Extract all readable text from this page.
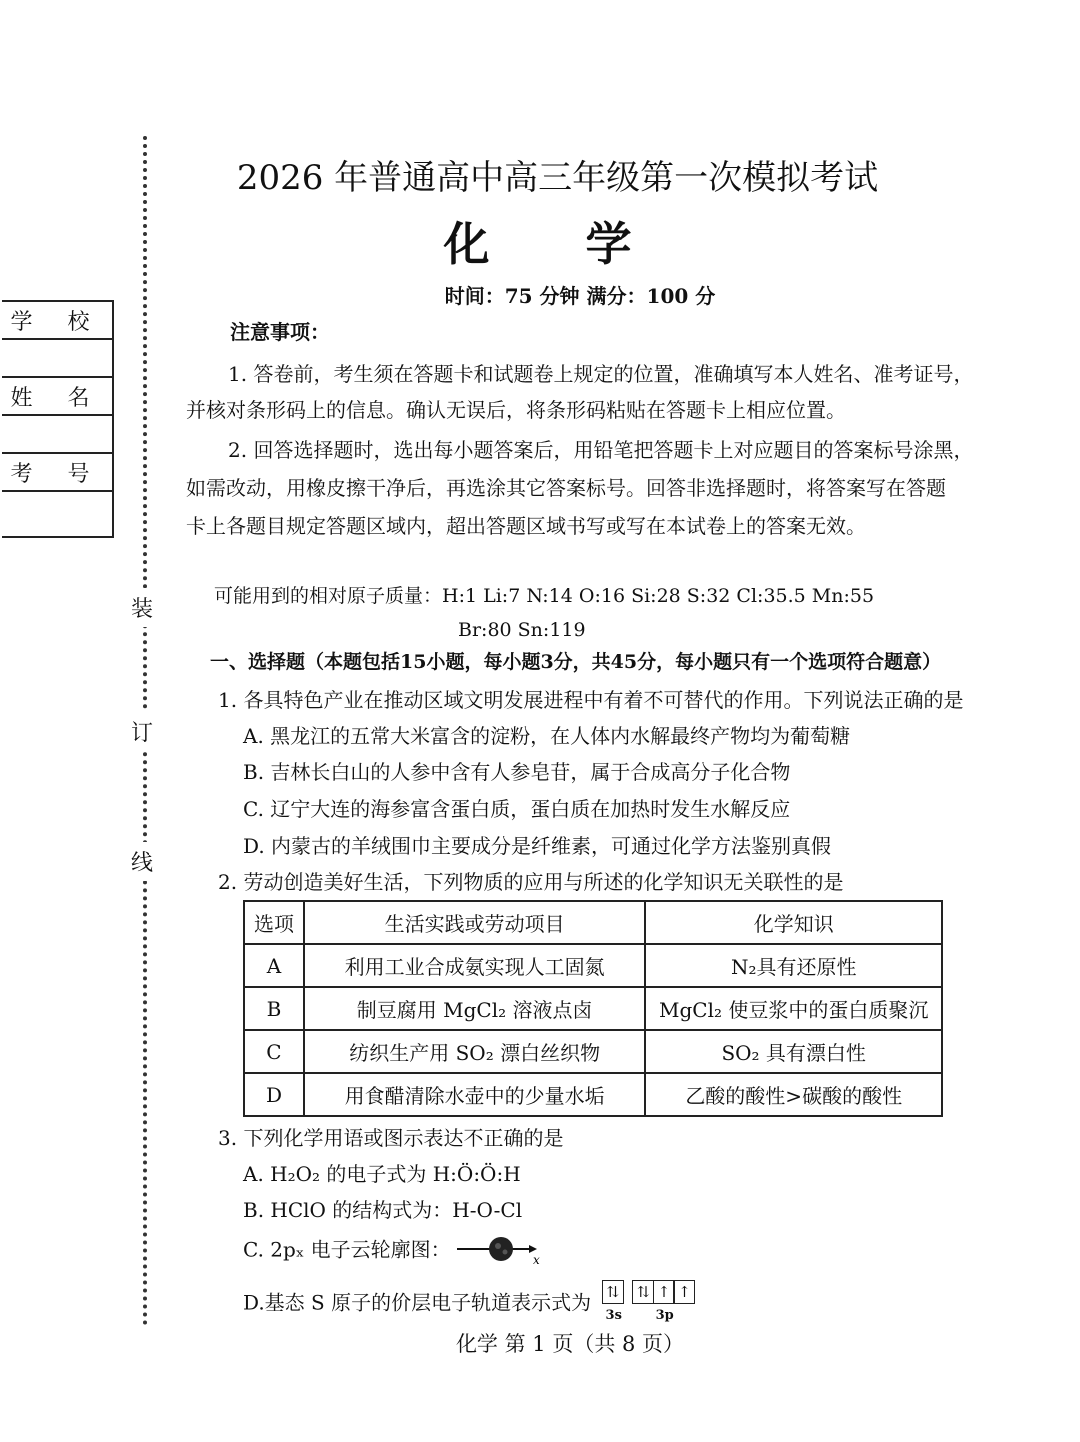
装
订
线
学 校
姓 名
考 号
2026 年普通高中高三年级第一次模拟考试
化 学
时间：75 分钟 满分：100 分
注意事项：
1. 答卷前，考生须在答题卡和试题卷上规定的位置，准确填写本人姓名、准考证号，
并核对条形码上的信息。确认无误后，将条形码粘贴在答题卡上相应位置。
2. 回答选择题时，选出每小题答案后，用铅笔把答题卡上对应题目的答案标号涂黑，
如需改动，用橡皮擦干净后，再选涂其它答案标号。回答非选择题时，将答案写在答题
卡上各题目规定答题区域内，超出答题区域书写或写在本试卷上的答案无效。
可能用到的相对原子质量：H:1 Li:7 N:14 O:16 Si:28 S:32 Cl:35.5 Mn:55
Br:80 Sn:119
一、选择题（本题包括15小题，每小题3分，共45分，每小题只有一个选项符合题意）
1. 各具特色产业在推动区域文明发展进程中有着不可替代的作用。下列说法正确的是
A. 黑龙江的五常大米富含的淀粉，在人体内水解最终产物均为葡萄糖
B. 吉林长白山的人参中含有人参皂苷，属于合成高分子化合物
C. 辽宁大连的海参富含蛋白质，蛋白质在加热时发生水解反应
D. 内蒙古的羊绒围巾主要成分是纤维素，可通过化学方法鉴别真假
2. 劳动创造美好生活，下列物质的应用与所述的化学知识无关联性的是
选项	生活实践或劳动项目	化学知识
A	利用工业合成氨实现人工固氮	N₂具有还原性
B	制豆腐用 MgCl₂ 溶液点卤	MgCl₂ 使豆浆中的蛋白质聚沉
C	纺织生产用 SO₂ 漂白丝织物	SO₂ 具有漂白性
D	用食醋清除水壶中的少量水垢	乙酸的酸性>碳酸的酸性
3. 下列化学用语或图示表达不正确的是
A. H₂O₂ 的电子式为 H:Ö:Ö:H
B. HClO 的结构式为：H-O-Cl
C. 2pₓ 电子云轮廓图：	x
D.基态 S 原子的价层电子轨道表示式为	⇅
3s
⇅ ↑ ↑
3p
化学 第 1 页（共 8 页）
